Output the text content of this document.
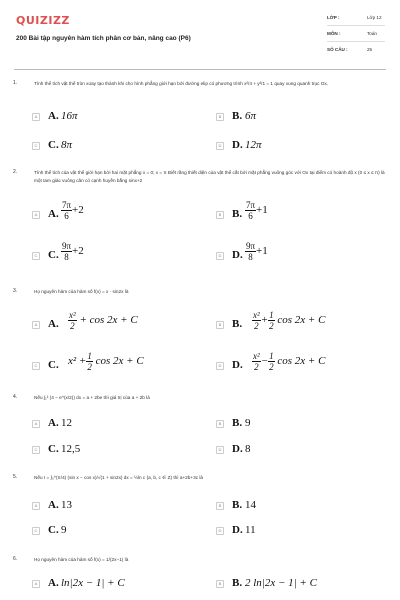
QUIZIZZ
200 Bài tập nguyên hàm tích phân cơ bản, nâng cao (P6)
LỚP :	Lớp 12
MÔN :	Toán
SỐ CÂU :	25
1.	Tính thể tích vật thể tròn xoay tạo thành khi cho hình phẳng giới hạn bởi đường elip có phương trình x²/4 + y²/1 = 1 quay xung quanh trục Ox.
A A. 16π	B B. 6π
C C. 8π	D D. 12π
2.	Tính thể tích của vật thể giới hạn bởi hai mặt phẳng x = 0; x = π Biết rằng thiết diện của vật thể cắt bởi mặt phẳng vuông góc với Ox tại điểm có hoành độ x (0 ≤ x ≤ π) là một tam giác vuông cân có cạnh huyền bằng sinx+2
A A. $\frac{7\pi}{6} +2$	B B. $\frac{7\pi}{6} +1$
C C. $\frac{9\pi}{8} +2$	D D. $\frac{9\pi}{8} +1$
3.	Họ nguyên hàm của hàm số f(x) = x · sin2x là
A A. $\frac{\text{x²}}{2} + \cos 2x + C$	B B. $\frac{\text{x²}}{2} + \frac{1}{2}$ cos 2x + C
C C. $x^2 + \frac{1}{2}$ cos 2x + C	D D. $\frac{\text{x²}}{2} - \frac{1}{2}$ cos 2x + C
4.	Nếu ∫₁² (4 − e^(x/2)) dx = a + 2be thì giá trị của a + 2b là
A A. 12	B B. 9
C C. 12,5	D D. 8
5.	Nếu I = ∫₀^(π/4) (sin x − cos x)/√(1 + sin2x) dx = ½ln c (a, b, c ∈ Z) thì a+2b+3c là
A A. 13	B B. 14
C C. 9	D D. 11
6.	Họ nguyên hàm của hàm số f(x) = 1/(2x−1) là
A A. ln|2x − 1| + C	B B. 2 ln|2x − 1| + C
